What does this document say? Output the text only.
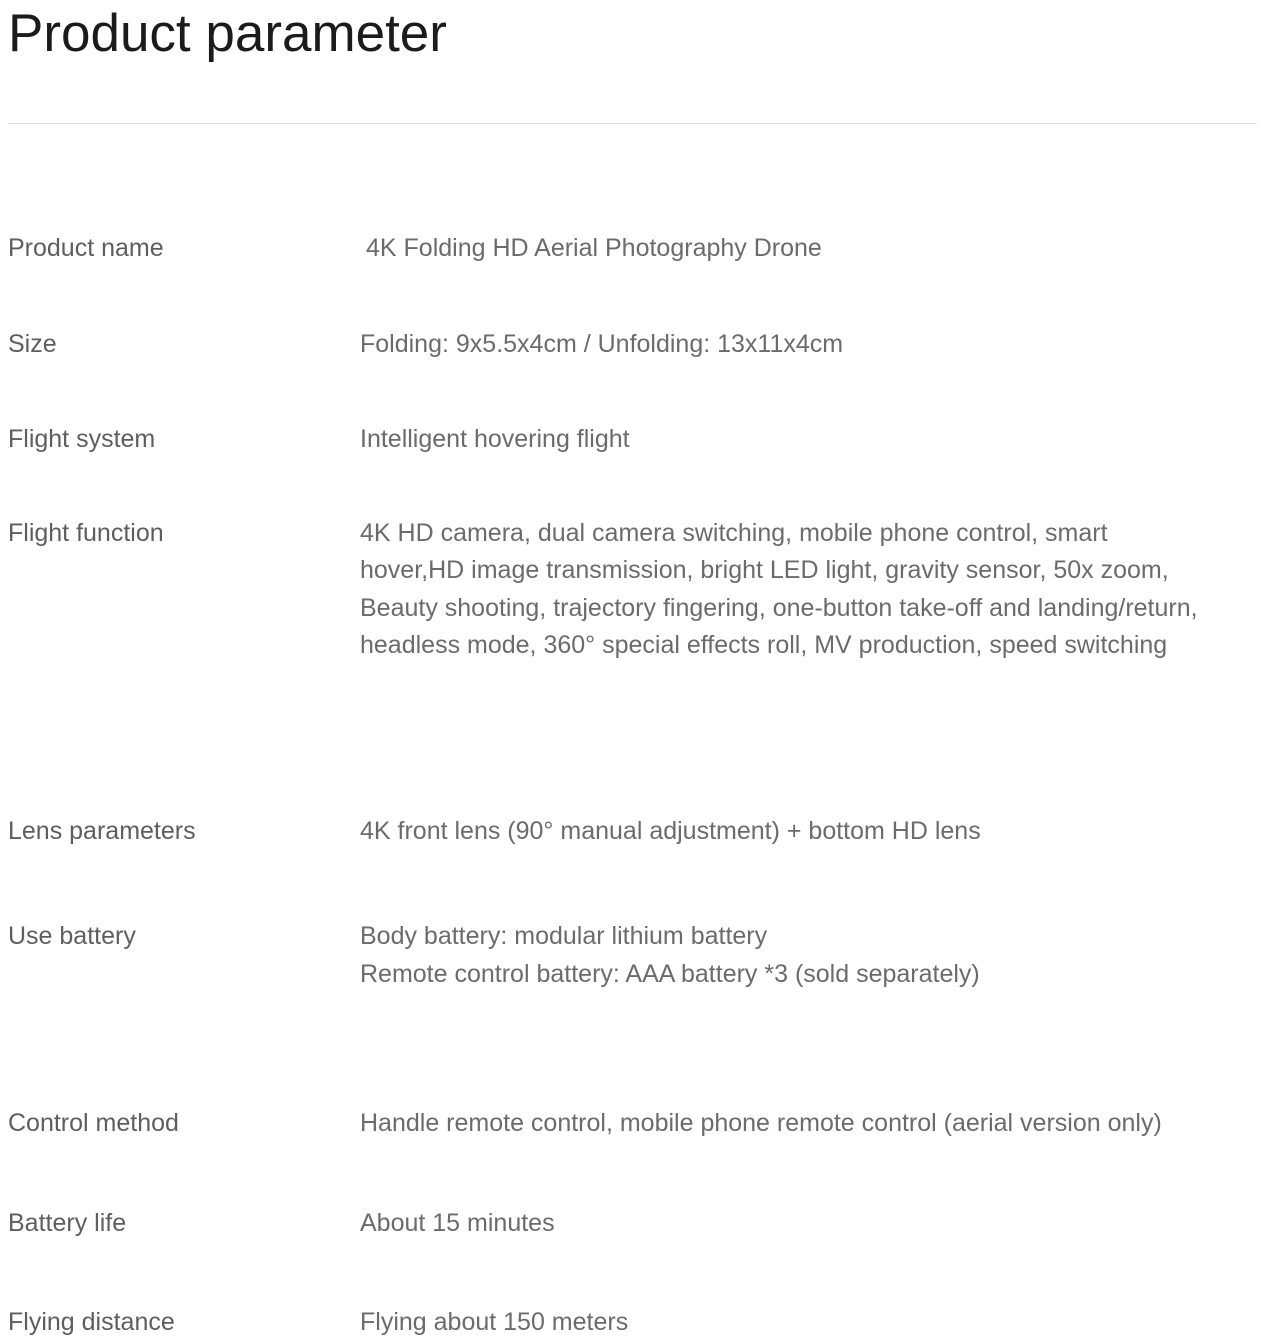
Product parameter
Product name	4K Folding HD Aerial Photography Drone
Size	Folding: 9x5.5x4cm / Unfolding: 13x11x4cm
Flight system	Intelligent hovering flight
Flight function	4K HD camera, dual camera switching, mobile phone control, smart
hover,HD image transmission, bright LED light, gravity sensor, 50x zoom,
Beauty shooting, trajectory fingering, one-button take-off and landing/return,
headless mode, 360° special effects roll, MV production, speed switching
Lens parameters	4K front lens (90° manual adjustment) + bottom HD lens
Use battery	Body battery: modular lithium battery
Remote control battery: AAA battery *3 (sold separately)
Control method	Handle remote control, mobile phone remote control (aerial version only)
Battery life	About 15 minutes
Flying distance	Flying about 150 meters
